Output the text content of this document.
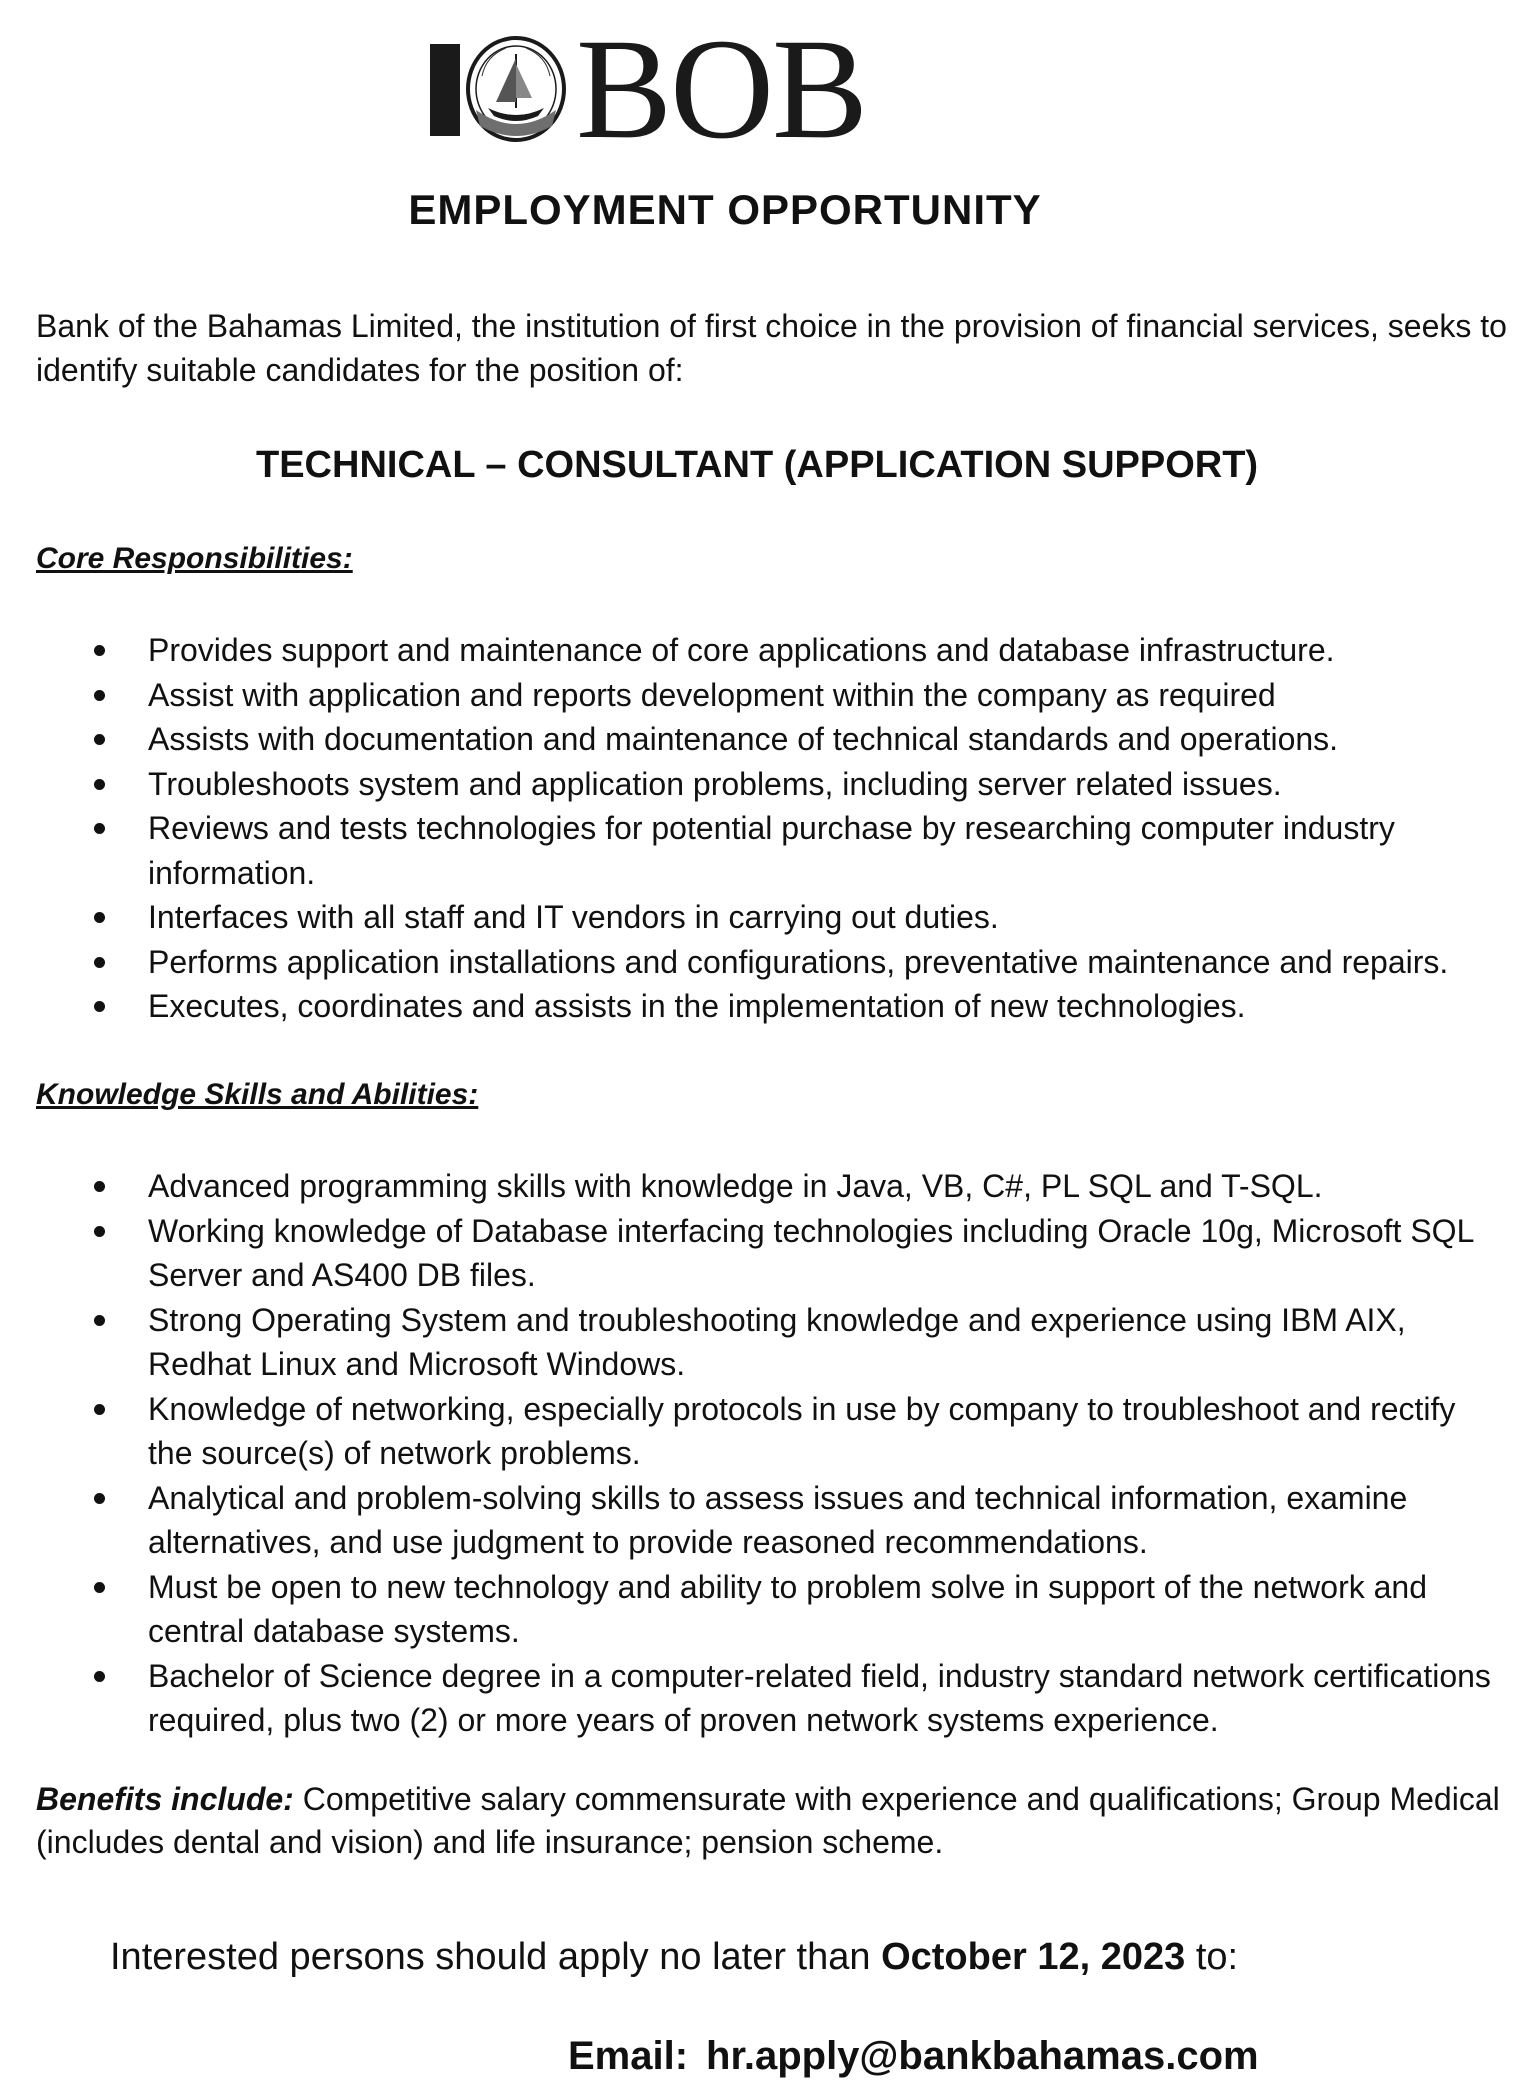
BOB
EMPLOYMENT OPPORTUNITY

Bank of the Bahamas Limited, the institution of first choice in the provision of financial services, seeks to identify suitable candidates for the position of:

TECHNICAL – CONSULTANT (APPLICATION SUPPORT)
Core Responsibilities:
Provides support and maintenance of core applications and database infrastructure.
Assist with application and reports development within the company as required
Assists with documentation and maintenance of technical standards and operations.
Troubleshoots system and application problems, including server related issues.
Reviews and tests technologies for potential purchase by researching computer industry information.
Interfaces with all staff and IT vendors in carrying out duties.
Performs application installations and configurations, preventative maintenance and repairs.
Executes, coordinates and assists in the implementation of new technologies.
Knowledge Skills and Abilities:
Advanced programming skills with knowledge in Java, VB, C#, PL SQL and T-SQL.
Working knowledge of Database interfacing technologies including Oracle 10g, Microsoft SQL Server and AS400 DB files.
Strong Operating System and troubleshooting knowledge and experience using IBM AIX, Redhat Linux and Microsoft Windows.
Knowledge of networking, especially protocols in use by company to troubleshoot and rectify the source(s) of network problems.
Analytical and problem-solving skills to assess issues and technical information, examine alternatives, and use judgment to provide reasoned recommendations.
Must be open to new technology and ability to problem solve in support of the network and central database systems.
Bachelor of Science degree in a computer-related field, industry standard network certifications required, plus two (2) or more years of proven network systems experience.

Benefits include: Competitive salary commensurate with experience and qualifications; Group Medical (includes dental and vision) and life insurance; pension scheme.

Interested persons should apply no later than October 12, 2023 to:

Email: hr.apply@bankbahamas.com
